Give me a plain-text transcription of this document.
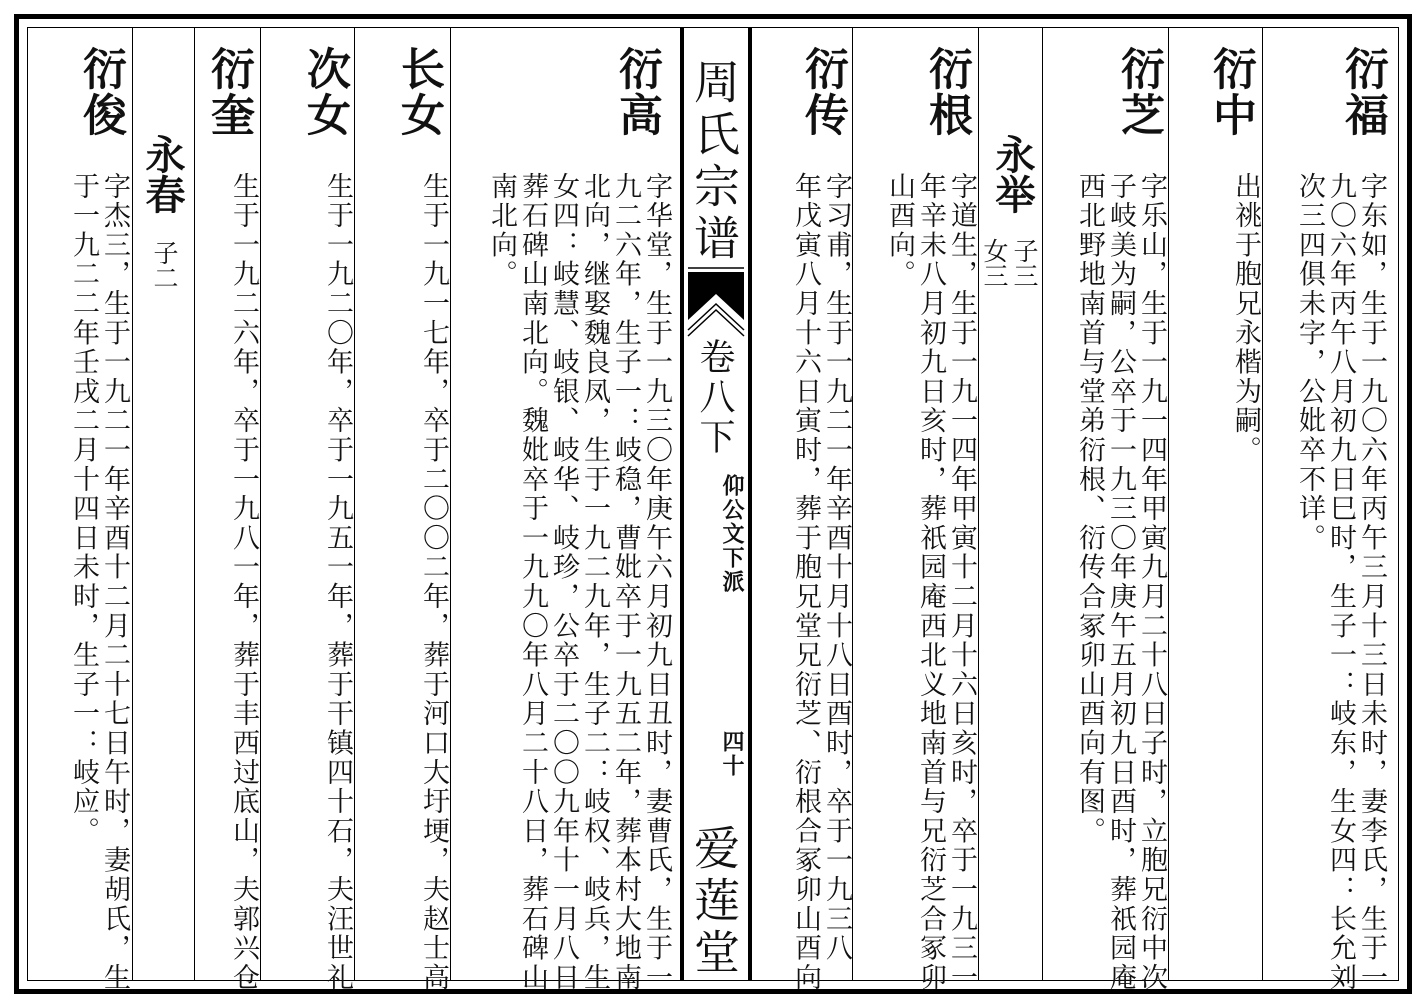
衍福
字东如，生于一九〇六年丙午三月十三日未时，妻李氏，生于一
九〇六年丙午八月初九日巳时，生子一：岐东，生女四：长允刘
次三四俱未字，公妣卒不详。
衍中
出祧于胞兄永楷为嗣。
衍芝
字乐山，生于一九一四年甲寅九月二十八日子时，立胞兄衍中次
子岐美为嗣，公卒于一九三〇年庚午五月初九日酉时，葬祇园庵
西北野地南首与堂弟衍根、衍传合冢卯山酉向有图。
永举
子三
女三
衍根
字道生，生于一九一四年甲寅十二月十六日亥时，卒于一九三一
年辛未八月初九日亥时，葬祇园庵西北义地南首与兄衍芝合冢卯
山酉向。
衍传
字习甫，生于一九二一年辛酉十月十八日酉时，卒于一九三八
年戊寅八月十六日寅时，葬于胞兄堂兄衍芝、衍根合冢卯山酉向
周氏宗谱
卷八下
仰公文下派
四十
爱莲堂
衍高
字华堂，生于一九三〇年庚午六月初九日丑时，妻曹氏，生于一
九二六年，生子一：岐稳，曹妣卒于一九五二年，葬本村大地南
北向，继娶魏良凤，生于一九二九年，生子二：岐权、岐兵，生
女四：岐慧、岐银、岐华、岐珍，公卒于二〇〇九年十一月八日
葬石碑山南北向。魏妣卒于一九九〇年八月二十八日，葬石碑山
南北向。
长女
生于一九一七年，卒于二〇〇二年，葬于河口大圩埂，夫赵士高
次女
生于一九二〇年，卒于一九五一年，葬于干镇四十石，夫汪世礼
衍奎
生于一九二六年，卒于一九八一年，葬于丰西过底山，夫郭兴仓
永春
子二
衍俊
字杰三，生于一九二一年辛酉十二月二十七日午时，妻胡氏，生
于一九二二年壬戌二月十四日未时，生子一：岐应。
